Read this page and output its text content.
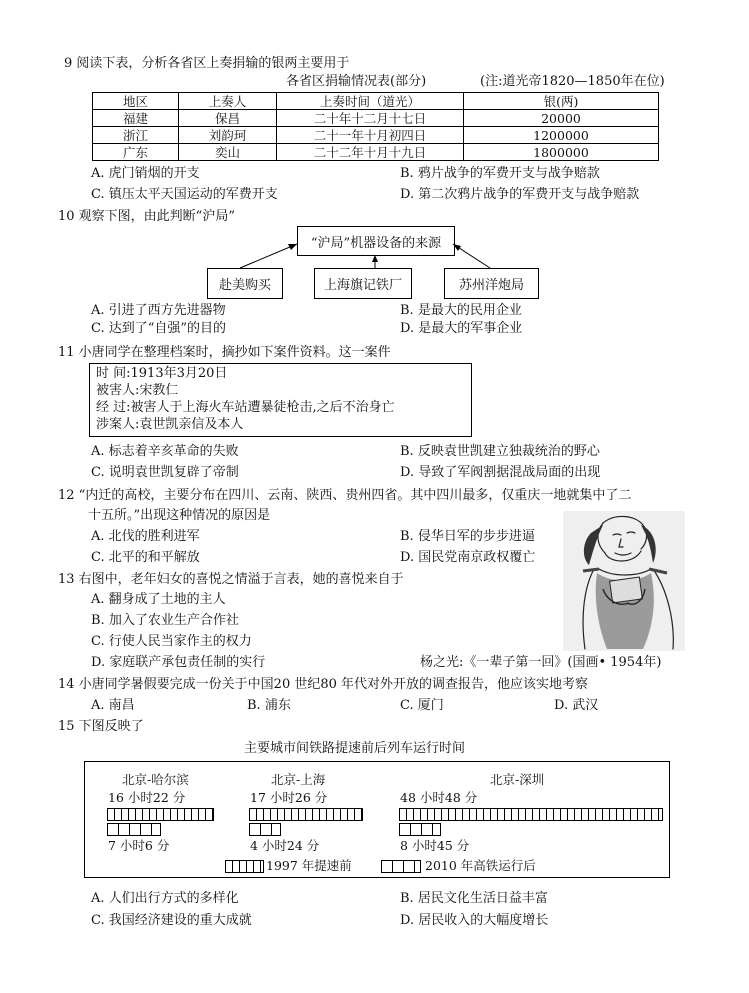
9 阅读下表，分析各省区上奏捐输的银两主要用于
各省区捐输情况表(部分)	(注:道光帝1820—1850年在位)
地区	上奏人	上奏时间（道光）	银(两)
福建	保昌	二十年十二月十七日	20000
浙江	刘韵珂	二十一年十月初四日	1200000
广东	奕山	二十二年十月十九日	1800000
A. 虎门销烟的开支	B. 鸦片战争的军费开支与战争赔款
C. 镇压太平天国运动的军费开支	D. 第二次鸦片战争的军费开支与战争赔款
10 观察下图，由此判断“沪局”
“沪局”机器设备的来源
赴美购买	上海旗记铁厂	苏州洋炮局
A. 引进了西方先进器物	B. 是最大的民用企业
C. 达到了“自强”的目的	D. 是最大的军事企业
11 小唐同学在整理档案时，摘抄如下案件资料。这一案件
时 间:1913年3月20日
被害人:宋教仁
经 过:被害人于上海火车站遭暴徒枪击,之后不治身亡
涉案人:袁世凯亲信及本人
A. 标志着辛亥革命的失败	B. 反映袁世凯建立独裁统治的野心
C. 说明袁世凯复辟了帝制	D. 导致了军阀割据混战局面的出现
12 “内迁的高校，主要分布在四川、云南、陕西、贵州四省。其中四川最多，仅重庆一地就集中了二
十五所。”出现这种情况的原因是
A. 北伐的胜利进军	B. 侵华日军的步步进逼
C. 北平的和平解放	D. 国民党南京政权覆亡
13 右图中，老年妇女的喜悦之情溢于言表，她的喜悦来自于
A. 翻身成了土地的主人
B. 加入了农业生产合作社
C. 行使人民当家作主的权力
D. 家庭联产承包责任制的实行	杨之光:《一辈子第一回》(国画• 1954年)
14 小唐同学暑假要完成一份关于中国20 世纪80 年代对外开放的调查报告，他应该实地考察
A. 南昌	B. 浦东	C. 厦门	D. 武汉
15 下图反映了
主要城市间铁路提速前后列车运行时间
北京-哈尔滨
16 小时22 分
7 小时6 分
北京-上海
17 小时26 分
4 小时24 分
北京-深圳
48 小时48 分
8 小时45 分
1997 年提速前	2010 年高铁运行后
A. 人们出行方式的多样化	B. 居民文化生活日益丰富
C. 我国经济建设的重大成就	D. 居民收入的大幅度增长
